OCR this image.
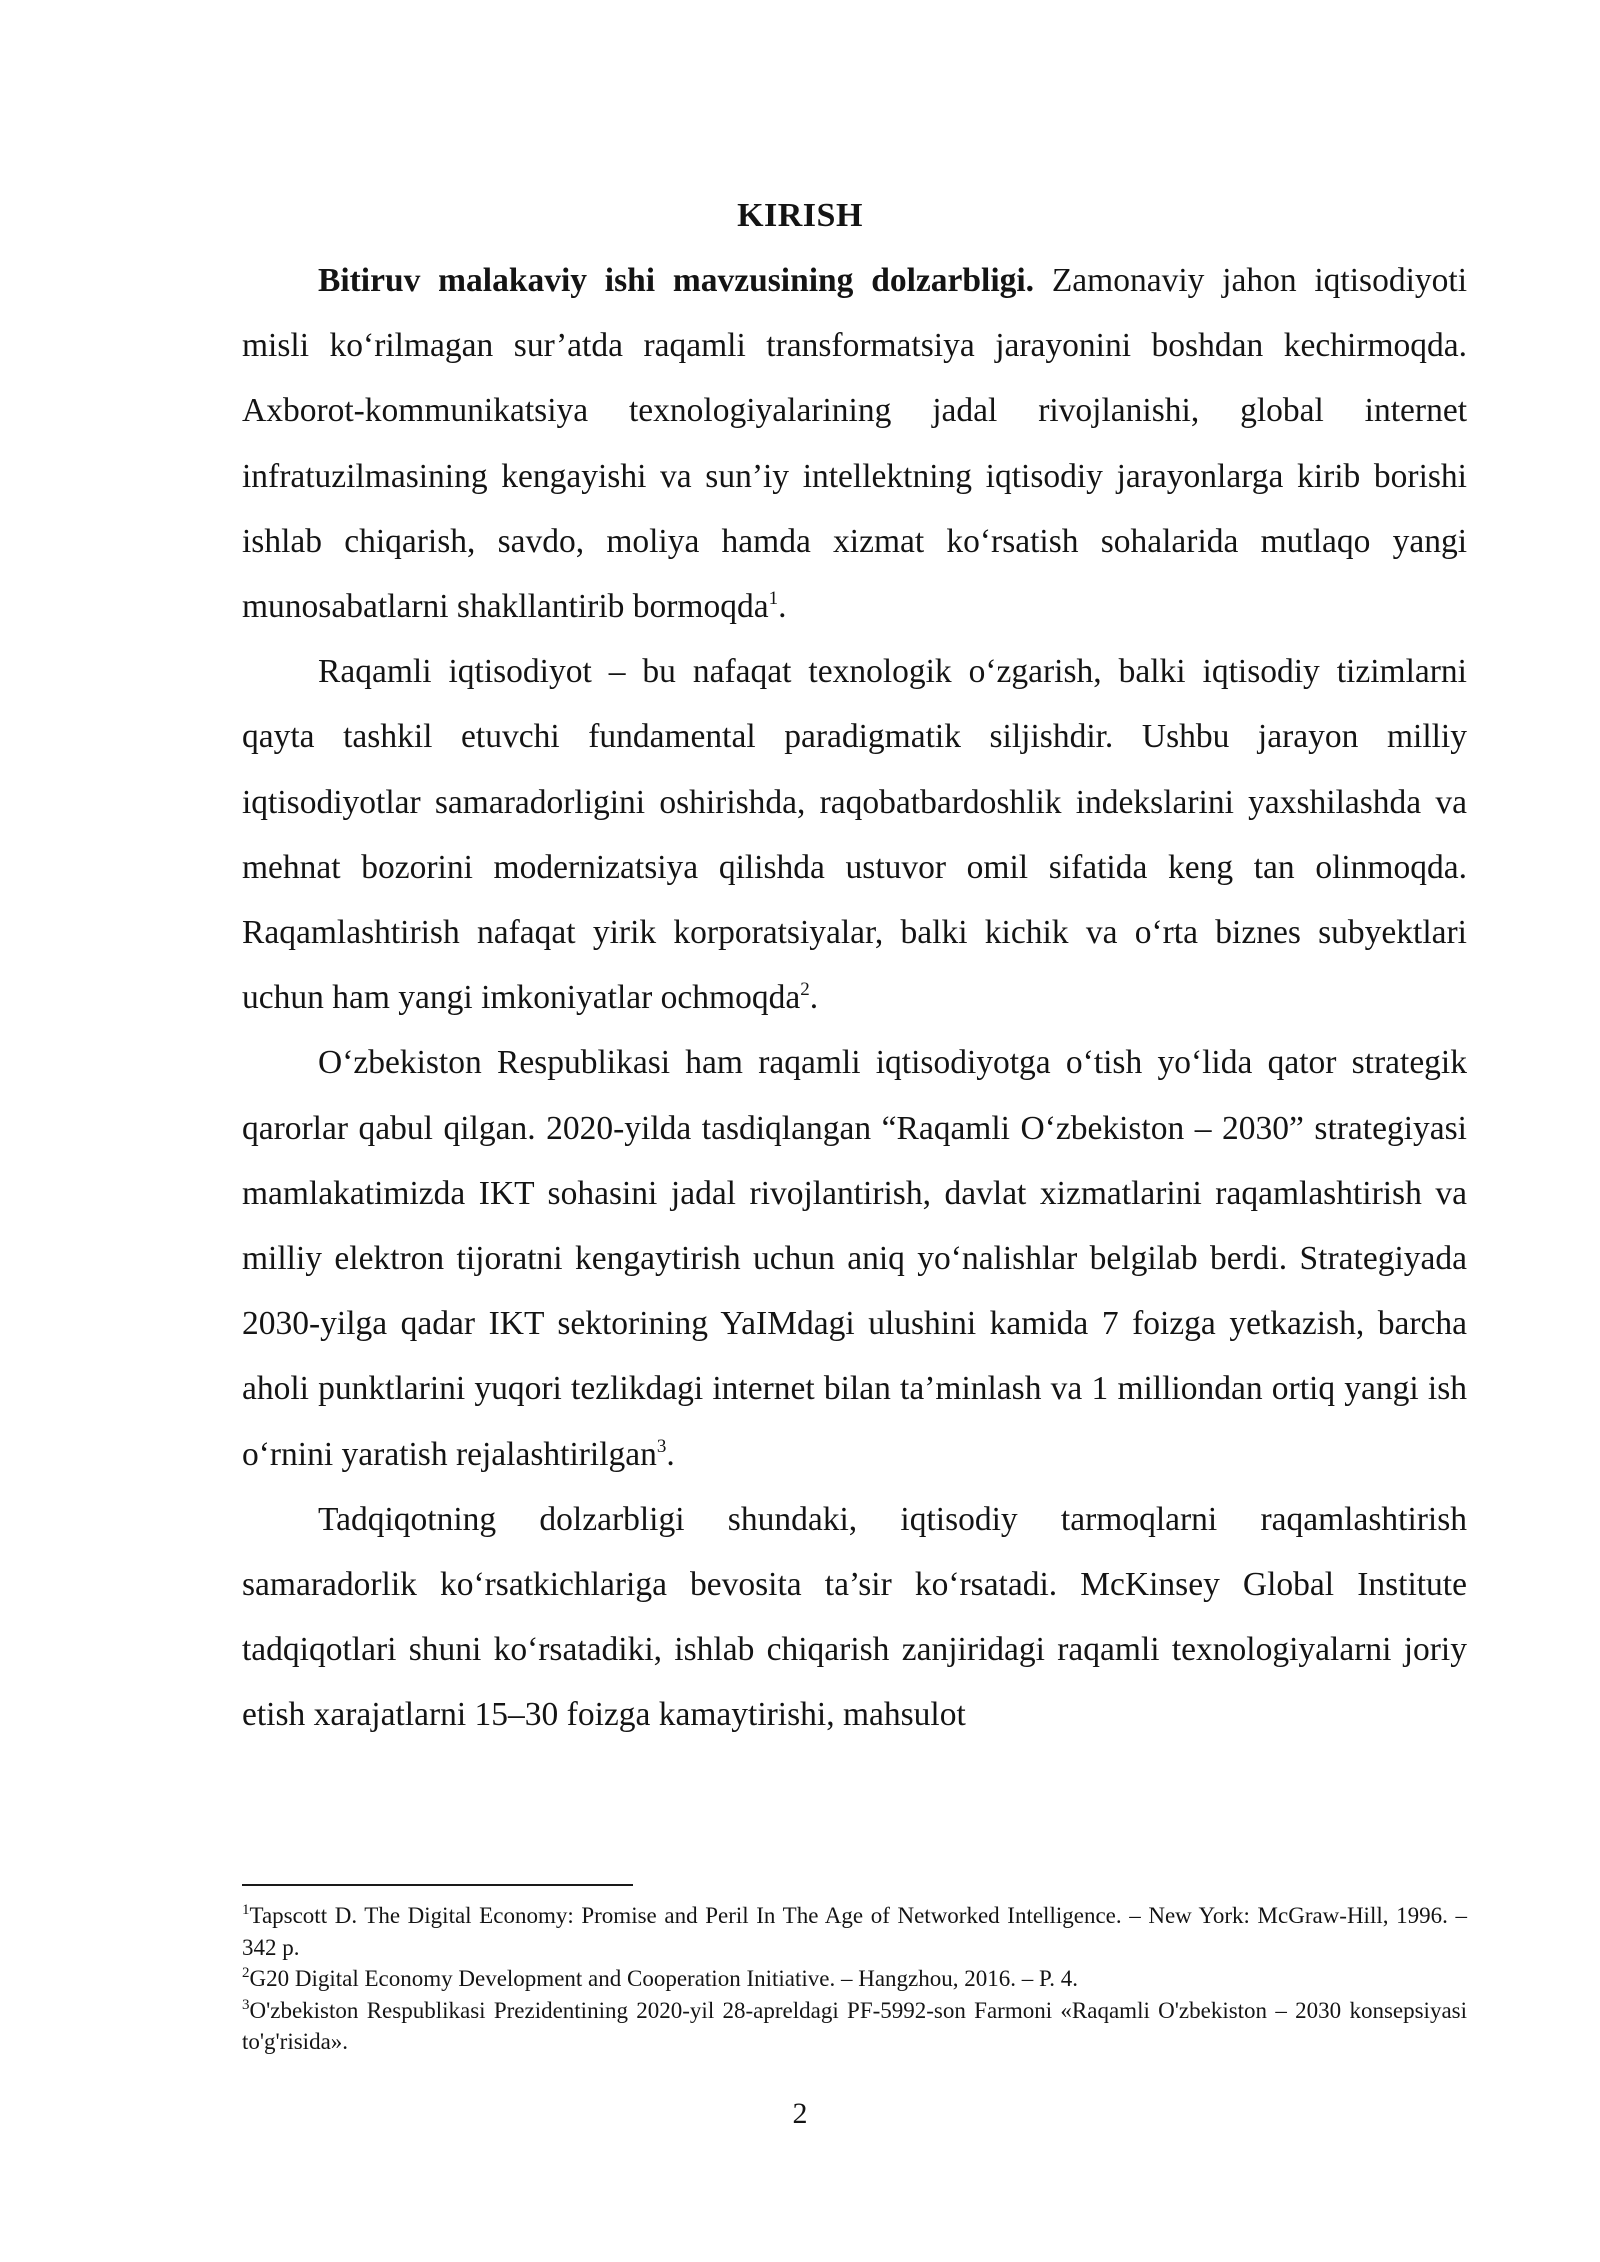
KIRISH

Bitiruv malakaviy ishi mavzusining dolzarbligi. Zamonaviy jahon iqtisodiyoti misli koʻrilmagan sur’atda raqamli transformatsiya jarayonini boshdan kechirmoqda. Axborot-kommunikatsiya texnologiyalarining jadal rivojlanishi, global internet infratuzilmasining kengayishi va sun’iy intellektning iqtisodiy jarayonlarga kirib borishi ishlab chiqarish, savdo, moliya hamda xizmat koʻrsatish sohalarida mutlaqo yangi munosabatlarni shakllantirib bormoqda$^1$.

Raqamli iqtisodiyot – bu nafaqat texnologik oʻzgarish, balki iqtisodiy tizimlarni qayta tashkil etuvchi fundamental paradigmatik siljishdir. Ushbu jarayon milliy iqtisodiyotlar samaradorligini oshirishda, raqobatbardoshlik indekslarini yaxshilashda va mehnat bozorini modernizatsiya qilishda ustuvor omil sifatida keng tan olinmoqda. Raqamlashtirish nafaqat yirik korporatsiyalar, balki kichik va oʻrta biznes subyektlari uchun ham yangi imkoniyatlar ochmoqda$^2$.

Oʻzbekiston Respublikasi ham raqamli iqtisodiyotga oʻtish yoʻlida qator strategik qarorlar qabul qilgan. 2020-yilda tasdiqlangan “Raqamli Oʻzbekiston – 2030” strategiyasi mamlakatimizda IKT sohasini jadal rivojlantirish, davlat xizmatlarini raqamlashtirish va milliy elektron tijoratni kengaytirish uchun aniq yoʻnalishlar belgilab berdi. Strategiyada 2030-yilga qadar IKT sektorining YaIMdagi ulushini kamida 7 foizga yetkazish, barcha aholi punktlarini yuqori tezlikdagi internet bilan ta’minlash va 1 milliondan ortiq yangi ish oʻrnini yaratish rejalashtirilgan$^3$.

Tadqiqotning dolzarbligi shundaki, iqtisodiy tarmoqlarni raqamlashtirish samaradorlik koʻrsatkichlariga bevosita ta’sir koʻrsatadi. McKinsey Global Institute tadqiqotlari shuni koʻrsatadiki, ishlab chiqarish zanjiridagi raqamli texnologiyalarni joriy etish xarajatlarni 15–30 foizga kamaytirishi, mahsulot

$^1$Tapscott D. The Digital Economy: Promise and Peril In The Age of Networked Intelligence. – New York: McGraw-Hill, 1996. – 342 p.

$^2$G20 Digital Economy Development and Cooperation Initiative. – Hangzhou, 2016. – P. 4.

$^3$O'zbekiston Respublikasi Prezidentining 2020-yil 28-apreldagi PF-5992-son Farmoni «Raqamli O'zbekiston – 2030 konsepsiyasi to'g'risida».

2
